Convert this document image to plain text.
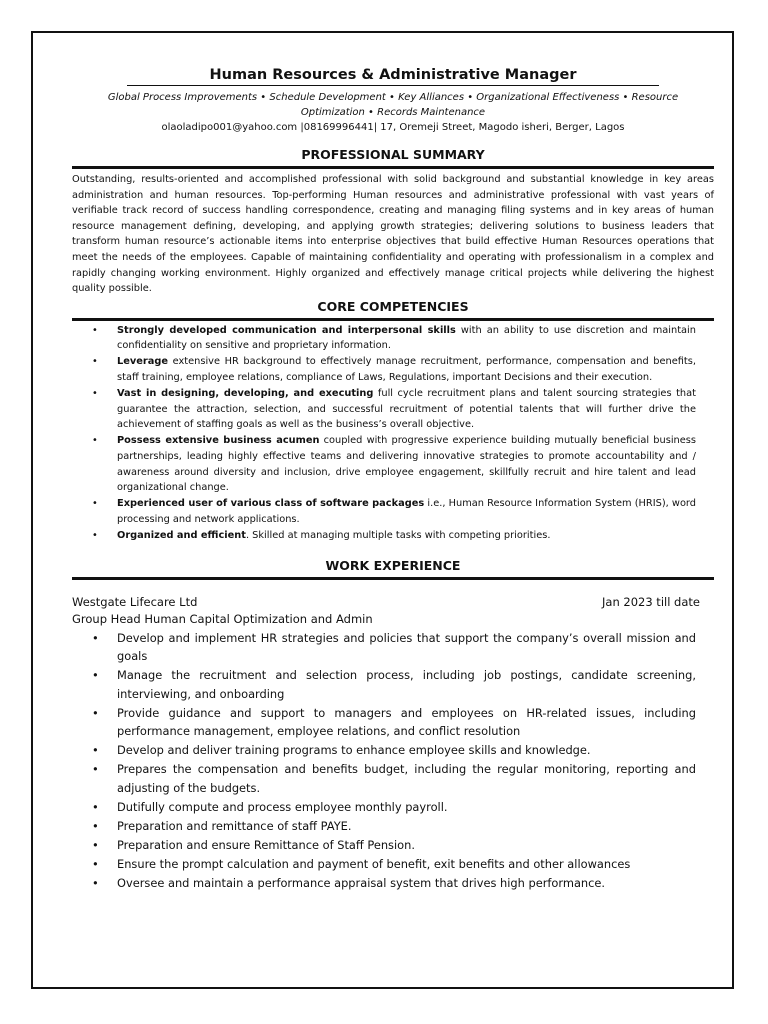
Human Resources & Administrative Manager
Global Process Improvements • Schedule Development • Key Alliances • Organizational Effectiveness • Resource Optimization • Records Maintenance
olaoladipo001@yahoo.com |08169996441| 17, Oremeji Street, Magodo isheri, Berger, Lagos
PROFESSIONAL SUMMARY
Outstanding, results-oriented and accomplished professional with solid background and substantial knowledge in key areas administration and human resources. Top-performing Human resources and administrative professional with vast years of verifiable track record of success handling correspondence, creating and managing filing systems and in key areas of human resource management defining, developing, and applying growth strategies; delivering solutions to business leaders that transform human resource’s actionable items into enterprise objectives that build effective Human Resources operations that meet the needs of the employees. Capable of maintaining confidentiality and operating with professionalism in a complex and rapidly changing working environment. Highly organized and effectively manage critical projects while delivering the highest quality possible.
CORE COMPETENCIES
• Strongly developed communication and interpersonal skills with an ability to use discretion and maintain confidentiality on sensitive and proprietary information.
• Leverage extensive HR background to effectively manage recruitment, performance, compensation and benefits, staff training, employee relations, compliance of Laws, Regulations, important Decisions and their execution.
• Vast in designing, developing, and executing full cycle recruitment plans and talent sourcing strategies that guarantee the attraction, selection, and successful recruitment of potential talents that will further drive the achievement of staffing goals as well as the business’s overall objective.
• Possess extensive business acumen coupled with progressive experience building mutually beneficial business partnerships, leading highly effective teams and delivering innovative strategies to promote accountability and / awareness around diversity and inclusion, drive employee engagement, skillfully recruit and hire talent and lead organizational change.
• Experienced user of various class of software packages i.e., Human Resource Information System (HRIS), word processing and network applications.
• Organized and efficient. Skilled at managing multiple tasks with competing priorities.
WORK EXPERIENCE
Westgate Lifecare Ltd	Jan 2023 till date
Group Head Human Capital Optimization and Admin
• Develop and implement HR strategies and policies that support the company’s overall mission and goals
• Manage the recruitment and selection process, including job postings, candidate screening, interviewing, and onboarding
• Provide guidance and support to managers and employees on HR-related issues, including performance management, employee relations, and conflict resolution
• Develop and deliver training programs to enhance employee skills and knowledge.
• Prepares the compensation and benefits budget, including the regular monitoring, reporting and adjusting of the budgets.
• Dutifully compute and process employee monthly payroll.
• Preparation and remittance of staff PAYE.
• Preparation and ensure Remittance of Staff Pension.
• Ensure the prompt calculation and payment of benefit, exit benefits and other allowances
• Oversee and maintain a performance appraisal system that drives high performance.
